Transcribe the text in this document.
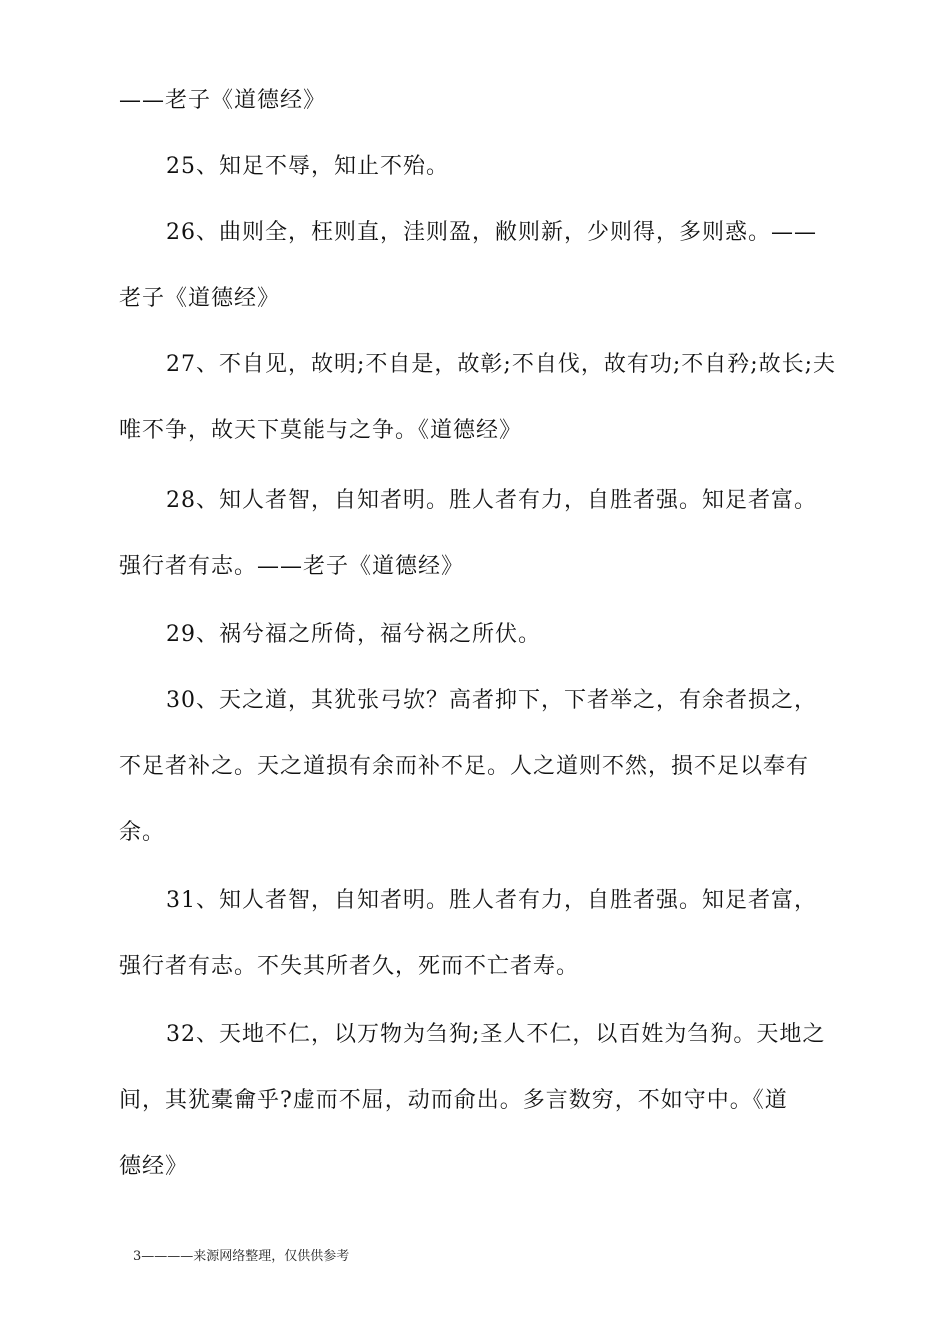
——老子《道德经》
25、知足不辱，知止不殆。
26、曲则全，枉则直，洼则盈，敝则新，少则得，多则惑。——
老子《道德经》
27、不自见，故明;不自是，故彰;不自伐，故有功;不自矜;故长;夫
唯不争，故天下莫能与之争。《道德经》
28、知人者智，自知者明。胜人者有力，自胜者强。知足者富。
强行者有志。——老子《道德经》
29、祸兮福之所倚，福兮祸之所伏。
30、天之道，其犹张弓欤？高者抑下，下者举之，有余者损之，
不足者补之。天之道损有余而补不足。人之道则不然，损不足以奉有
余。
31、知人者智，自知者明。胜人者有力，自胜者强。知足者富，
强行者有志。不失其所者久，死而不亡者寿。
32、天地不仁，以万物为刍狗;圣人不仁，以百姓为刍狗。天地之
间，其犹橐龠乎?虚而不屈，动而俞出。多言数穷，不如守中。《道
德经》
3————来源网络整理，仅供供参考
